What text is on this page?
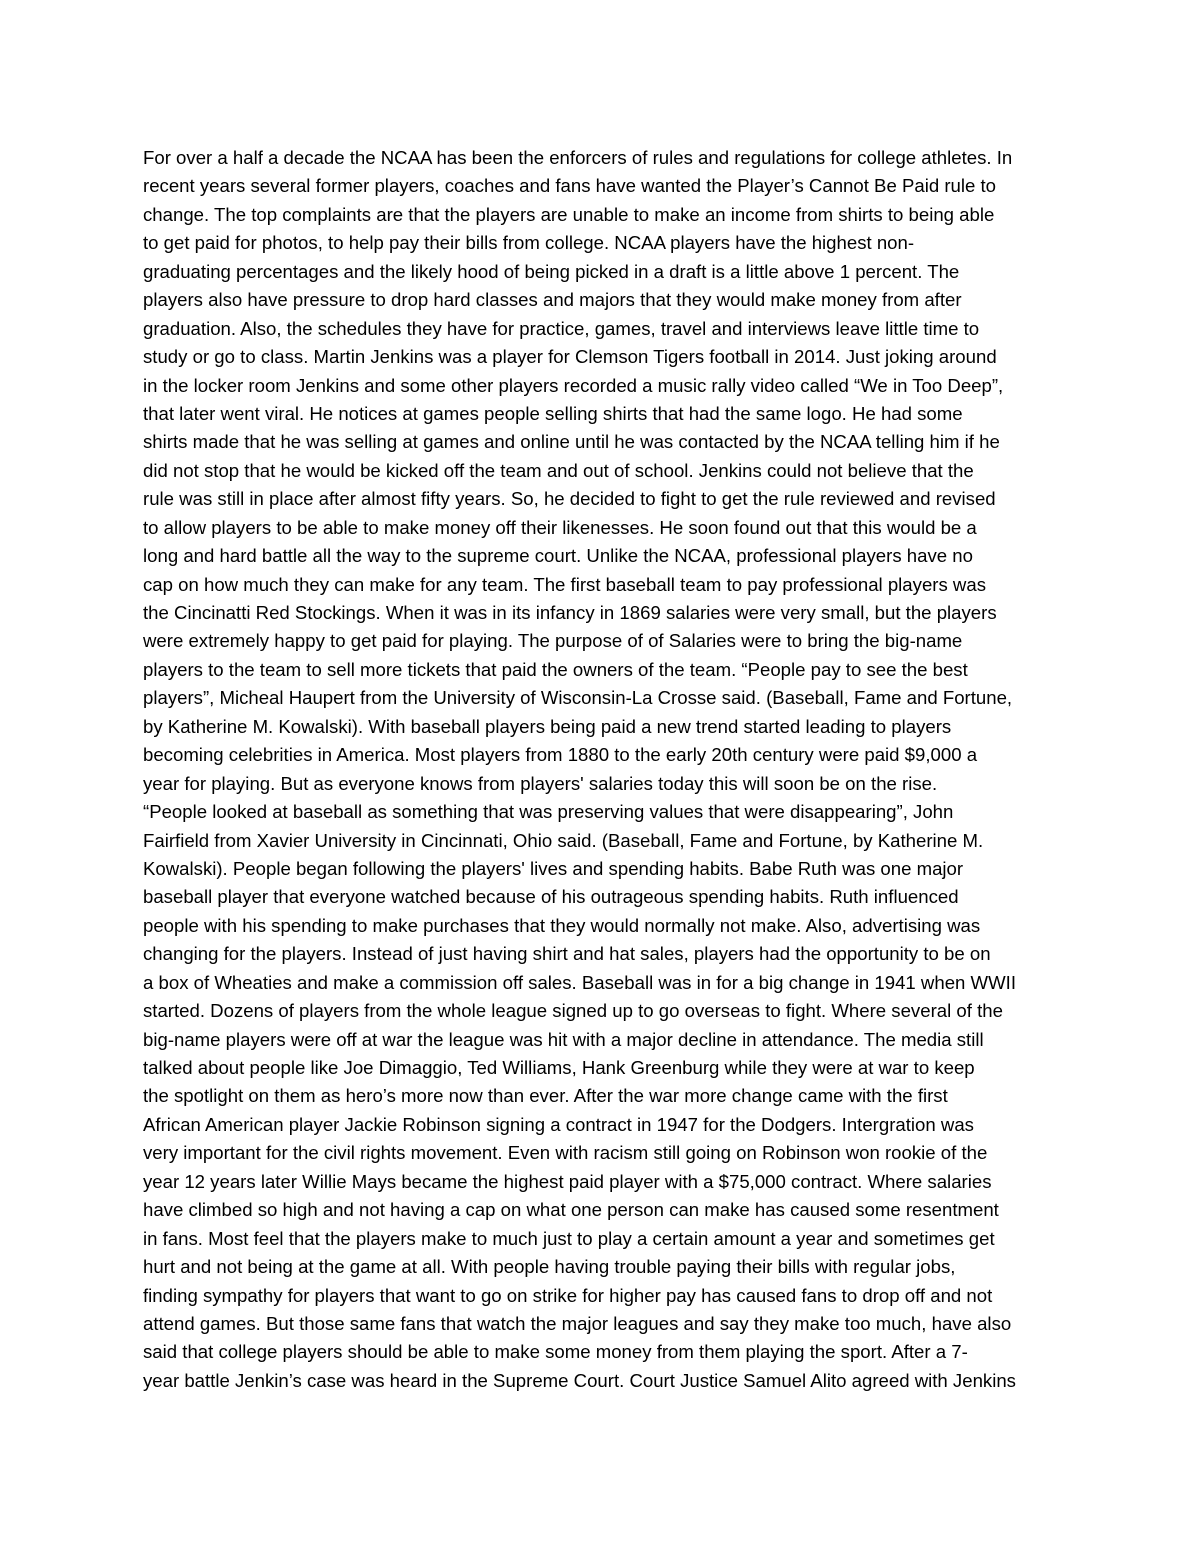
For over a half a decade the NCAA has been the enforcers of rules and regulations for college athletes. In
recent years several former players, coaches and fans have wanted the Player’s Cannot Be Paid rule to
change. The top complaints are that the players are unable to make an income from shirts to being able
to get paid for photos, to help pay their bills from college. NCAA players have the highest non-
graduating percentages and the likely hood of being picked in a draft is a little above 1 percent. The
players also have pressure to drop hard classes and majors that they would make money from after
graduation. Also, the schedules they have for practice, games, travel and interviews leave little time to
study or go to class. Martin Jenkins was a player for Clemson Tigers football in 2014. Just joking around
in the locker room Jenkins and some other players recorded a music rally video called “We in Too Deep”,
that later went viral. He notices at games people selling shirts that had the same logo. He had some
shirts made that he was selling at games and online until he was contacted by the NCAA telling him if he
did not stop that he would be kicked off the team and out of school. Jenkins could not believe that the
rule was still in place after almost fifty years. So, he decided to fight to get the rule reviewed and revised
to allow players to be able to make money off their likenesses. He soon found out that this would be a
long and hard battle all the way to the supreme court. Unlike the NCAA, professional players have no
cap on how much they can make for any team. The first baseball team to pay professional players was
the Cincinatti Red Stockings. When it was in its infancy in 1869 salaries were very small, but the players
were extremely happy to get paid for playing. The purpose of of Salaries were to bring the big-name
players to the team to sell more tickets that paid the owners of the team. “People pay to see the best
players”, Micheal Haupert from the University of Wisconsin-La Crosse said. (Baseball, Fame and Fortune,
by Katherine M. Kowalski). With baseball players being paid a new trend started leading to players
becoming celebrities in America. Most players from 1880 to the early 20th century were paid $9,000 a
year for playing. But as everyone knows from players' salaries today this will soon be on the rise.
“People looked at baseball as something that was preserving values that were disappearing”, John
Fairfield from Xavier University in Cincinnati, Ohio said. (Baseball, Fame and Fortune, by Katherine M.
Kowalski). People began following the players' lives and spending habits. Babe Ruth was one major
baseball player that everyone watched because of his outrageous spending habits. Ruth influenced
people with his spending to make purchases that they would normally not make. Also, advertising was
changing for the players. Instead of just having shirt and hat sales, players had the opportunity to be on
a box of Wheaties and make a commission off sales. Baseball was in for a big change in 1941 when WWII
started. Dozens of players from the whole league signed up to go overseas to fight. Where several of the
big-name players were off at war the league was hit with a major decline in attendance. The media still
talked about people like Joe Dimaggio, Ted Williams, Hank Greenburg while they were at war to keep
the spotlight on them as hero’s more now than ever. After the war more change came with the first
African American player Jackie Robinson signing a contract in 1947 for the Dodgers. Intergration was
very important for the civil rights movement. Even with racism still going on Robinson won rookie of the
year 12 years later Willie Mays became the highest paid player with a $75,000 contract. Where salaries
have climbed so high and not having a cap on what one person can make has caused some resentment
in fans. Most feel that the players make to much just to play a certain amount a year and sometimes get
hurt and not being at the game at all. With people having trouble paying their bills with regular jobs,
finding sympathy for players that want to go on strike for higher pay has caused fans to drop off and not
attend games. But those same fans that watch the major leagues and say they make too much, have also
said that college players should be able to make some money from them playing the sport. After a 7-
year battle Jenkin’s case was heard in the Supreme Court. Court Justice Samuel Alito agreed with Jenkins
